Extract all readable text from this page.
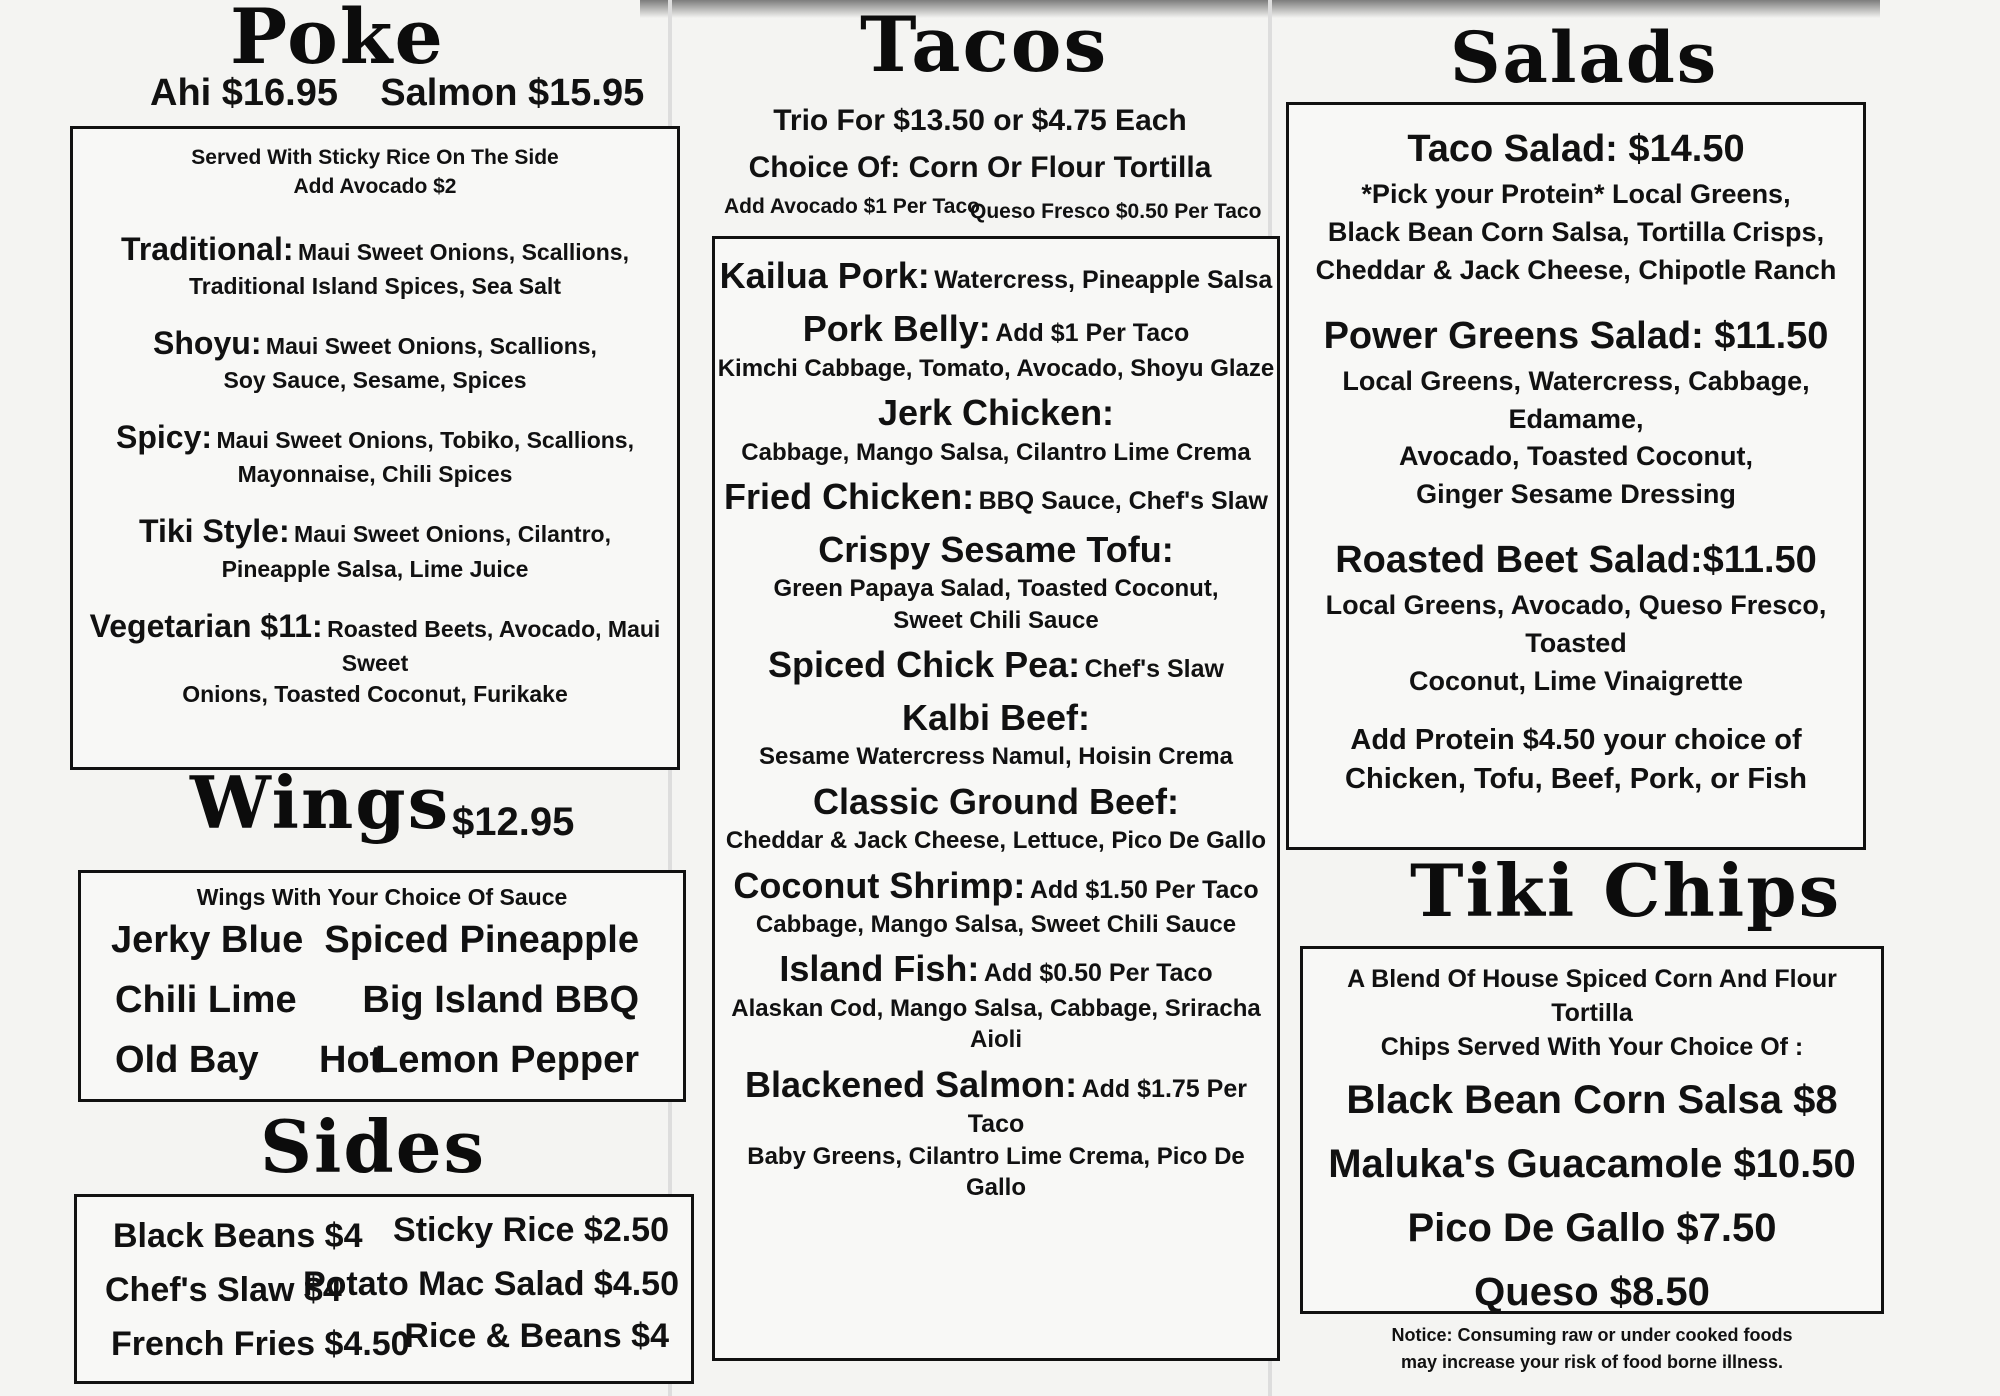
Poke
Ahi $16.95    Salmon $15.95
Served With Sticky Rice On The Side
Add Avocado $2
Traditional: Maui Sweet Onions, Scallions,
Traditional Island Spices, Sea Salt
Shoyu: Maui Sweet Onions, Scallions,
Soy Sauce, Sesame, Spices
Spicy: Maui Sweet Onions, Tobiko, Scallions,
Mayonnaise, Chili Spices
Tiki Style: Maui Sweet Onions, Cilantro,
Pineapple Salsa, Lime Juice
Vegetarian $11: Roasted Beets, Avocado, Maui Sweet
Onions, Toasted Coconut, Furikake
Wings $12.95
Wings With Your Choice Of Sauce
Jerky Blue Spiced Pineapple
Chili Lime Big Island BBQ
Old Bay Hot
Lemon Pepper
Sides
Black Beans $4 Sticky Rice $2.50
Chef's Slaw $4
Potato Mac Salad $4.50
French Fries $4.50
Rice & Beans $4
Tacos
Trio For $13.50 or $4.75 Each
Choice Of: Corn Or Flour Tortilla
Add Avocado $1 Per Taco
Queso Fresco $0.50 Per Taco
Kailua Pork: Watercress, Pineapple Salsa
Pork Belly: Add $1 Per Taco
Kimchi Cabbage, Tomato, Avocado, Shoyu Glaze
Jerk Chicken:
Cabbage, Mango Salsa, Cilantro Lime Crema
Fried Chicken: BBQ Sauce, Chef's Slaw
Crispy Sesame Tofu:
Green Papaya Salad, Toasted Coconut,
Sweet Chili Sauce
Spiced Chick Pea: Chef's Slaw
Kalbi Beef:
Sesame Watercress Namul, Hoisin Crema
Classic Ground Beef:
Cheddar & Jack Cheese, Lettuce, Pico De Gallo
Coconut Shrimp: Add $1.50 Per Taco
Cabbage, Mango Salsa, Sweet Chili Sauce
Island Fish: Add $0.50 Per Taco
Alaskan Cod, Mango Salsa, Cabbage, Sriracha Aioli
Blackened Salmon: Add $1.75 Per Taco
Baby Greens, Cilantro Lime Crema, Pico De Gallo
Salads
Taco Salad: $14.50
*Pick your Protein* Local Greens,
Black Bean Corn Salsa, Tortilla Crisps,
Cheddar & Jack Cheese, Chipotle Ranch
Power Greens Salad: $11.50
Local Greens, Watercress, Cabbage, Edamame,
Avocado, Toasted Coconut,
Ginger Sesame Dressing
Roasted Beet Salad:$11.50
Local Greens, Avocado, Queso Fresco, Toasted
Coconut, Lime Vinaigrette
Add Protein $4.50 your choice of
Chicken, Tofu, Beef, Pork, or Fish
Tiki Chips
A Blend Of House Spiced Corn And Flour Tortilla
Chips Served With Your Choice Of :
Black Bean Corn Salsa $8
Maluka's Guacamole $10.50
Pico De Gallo $7.50
Queso $8.50
Notice: Consuming raw or under cooked foods
may increase your risk of food borne illness.
